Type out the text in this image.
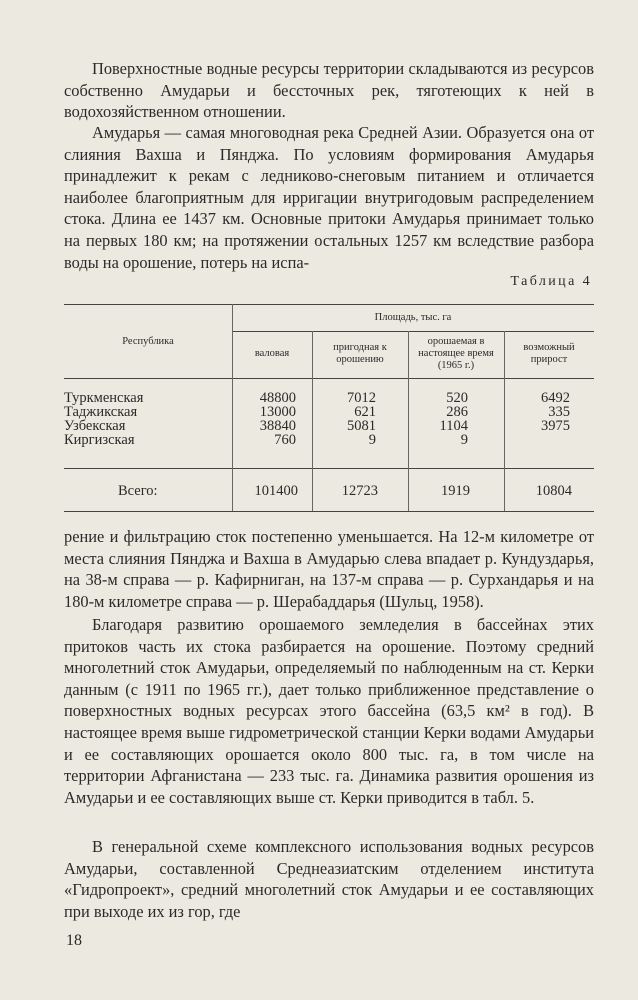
Поверхностные водные ресурсы территории складываются из ресурсов собственно Амударьи и бессточных рек, тяготеющих к ней в водохозяйственном отношении.

Амударья — самая многоводная река Средней Азии. Образуется она от слияния Вахша и Пянджа. По условиям формирования Амударья принадлежит к рекам с ледниково-снеговым питанием и отличается наиболее благоприятным для ирригации внутригодовым распределением стока. Длина ее 1437 км. Основные притоки Амударья принимает только на первых 180 км; на протяжении остальных 1257 км вследствие разбора воды на орошение, потерь на испа-

Таблица 4
Республика
Площадь, тыс. га
валовая
пригодная к орошению
орошаемая в настоящее время (1965 г.)
возможный прирост
Туркменская	48800	7012	520	6492
Таджикская	13000	621	286	335
Узбекская	38840	5081	1104	3975
Киргизская	760	9	9
Всего:	101400	12723	1919	10804

рение и фильтрацию сток постепенно уменьшается. На 12-м километре от места слияния Пянджа и Вахша в Амударью слева впадает р. Кундуздарья, на 38-м справа — р. Кафирниган, на 137-м справа — р. Сурхандарья и на 180-м километре справа — р. Шерабаддарья (Шульц, 1958).

Благодаря развитию орошаемого земледелия в бассейнах этих притоков часть их стока разбирается на орошение. Поэтому средний многолетний сток Амударьи, определяемый по наблюденным на ст. Керки данным (с 1911 по 1965 гг.), дает только приближенное представление о поверхностных водных ресурсах этого бассейна (63,5 км² в год). В настоящее время выше гидрометрической станции Керки водами Амударьи и ее составляющих орошается около 800 тыс. га, в том числе на территории Афганистана — 233 тыс. га. Динамика развития орошения из Амударьи и ее составляющих выше ст. Керки приводится в табл. 5.

В генеральной схеме комплексного использования водных ресурсов Амударьи, составленной Среднеазиатским отделением института «Гидропроект», средний многолетний сток Амударьи и ее составляющих при выходе их из гор, где

18
